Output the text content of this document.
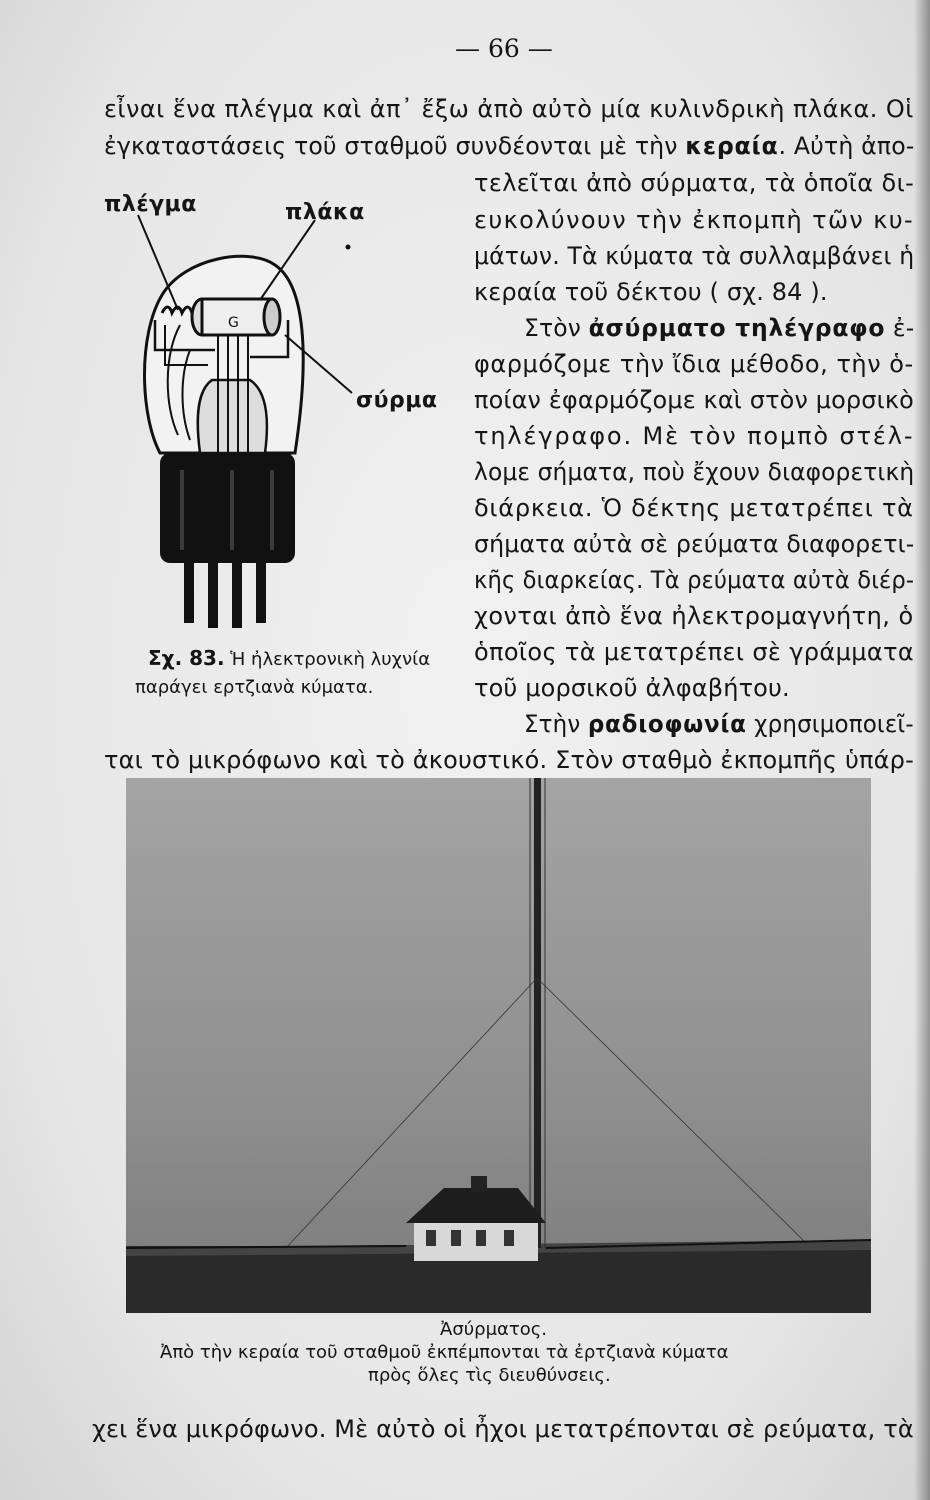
— 66 —
εἶναι ἕνα πλέγμα καὶ ἀπ᾽ ἔξω ἀπὸ αὐτὸ μία κυλινδρικὴ πλάκα. Οἱ
ἐγκαταστάσεις τοῦ σταθμοῦ συνδέονται μὲ τὴν κεραία. Αὐτὴ ἀπο-
τελεῖται ἀπὸ σύρματα, τὰ ὁποῖα δι-
ευκολύνουν τὴν ἐκπομπὴ τῶν κυ-
μάτων. Τὰ κύματα τὰ συλλαμβάνει ἡ
κεραία τοῦ δέκτου ( σχ. 84 ).
Στὸν ἀσύρματο τηλέγραφο ἐ-
φαρμόζομε τὴν ἴδια μέθοδο, τὴν ὁ-
ποίαν ἐφαρμόζομε καὶ στὸν μορσικὸ
τηλέγραφο. Μὲ τὸν πομπὸ στέλ-
λομε σήματα, ποὺ ἔχουν διαφορετικὴ
διάρκεια. Ὁ δέκτης μετατρέπει τὰ
σήματα αὐτὰ σὲ ρεύματα διαφορετι-
κῆς διαρκείας. Τὰ ρεύματα αὐτὰ διέρ-
χονται ἀπὸ ἕνα ἠλεκτρομαγνήτη, ὁ
ὁποῖος τὰ μετατρέπει σὲ γράμματα
τοῦ μορσικοῦ ἀλφαβήτου.
Στὴν ραδιοφωνία χρησιμοποιεῖ-
ται τὸ μικρόφωνο καὶ τὸ ἀκουστικό. Στὸν σταθμὸ ἐκπομπῆς ὑπάρ-
χει ἕνα μικρόφωνο. Μὲ αὐτὸ οἱ ἦχοι μετατρέπονται σὲ ρεύματα, τὰ
G
πλέγμα	πλάκα
σύρμα
Σχ. 83. Ἡ ἠλεκτρονικὴ λυχνία
παράγει ερτζιανὰ κύματα.
Ἀσύρματος.
Ἀπὸ τὴν κεραία τοῦ σταθμοῦ ἐκπέμπονται τὰ ἐρτζιανὰ κύματα
πρὸς ὅλες τὶς διευθύνσεις.
